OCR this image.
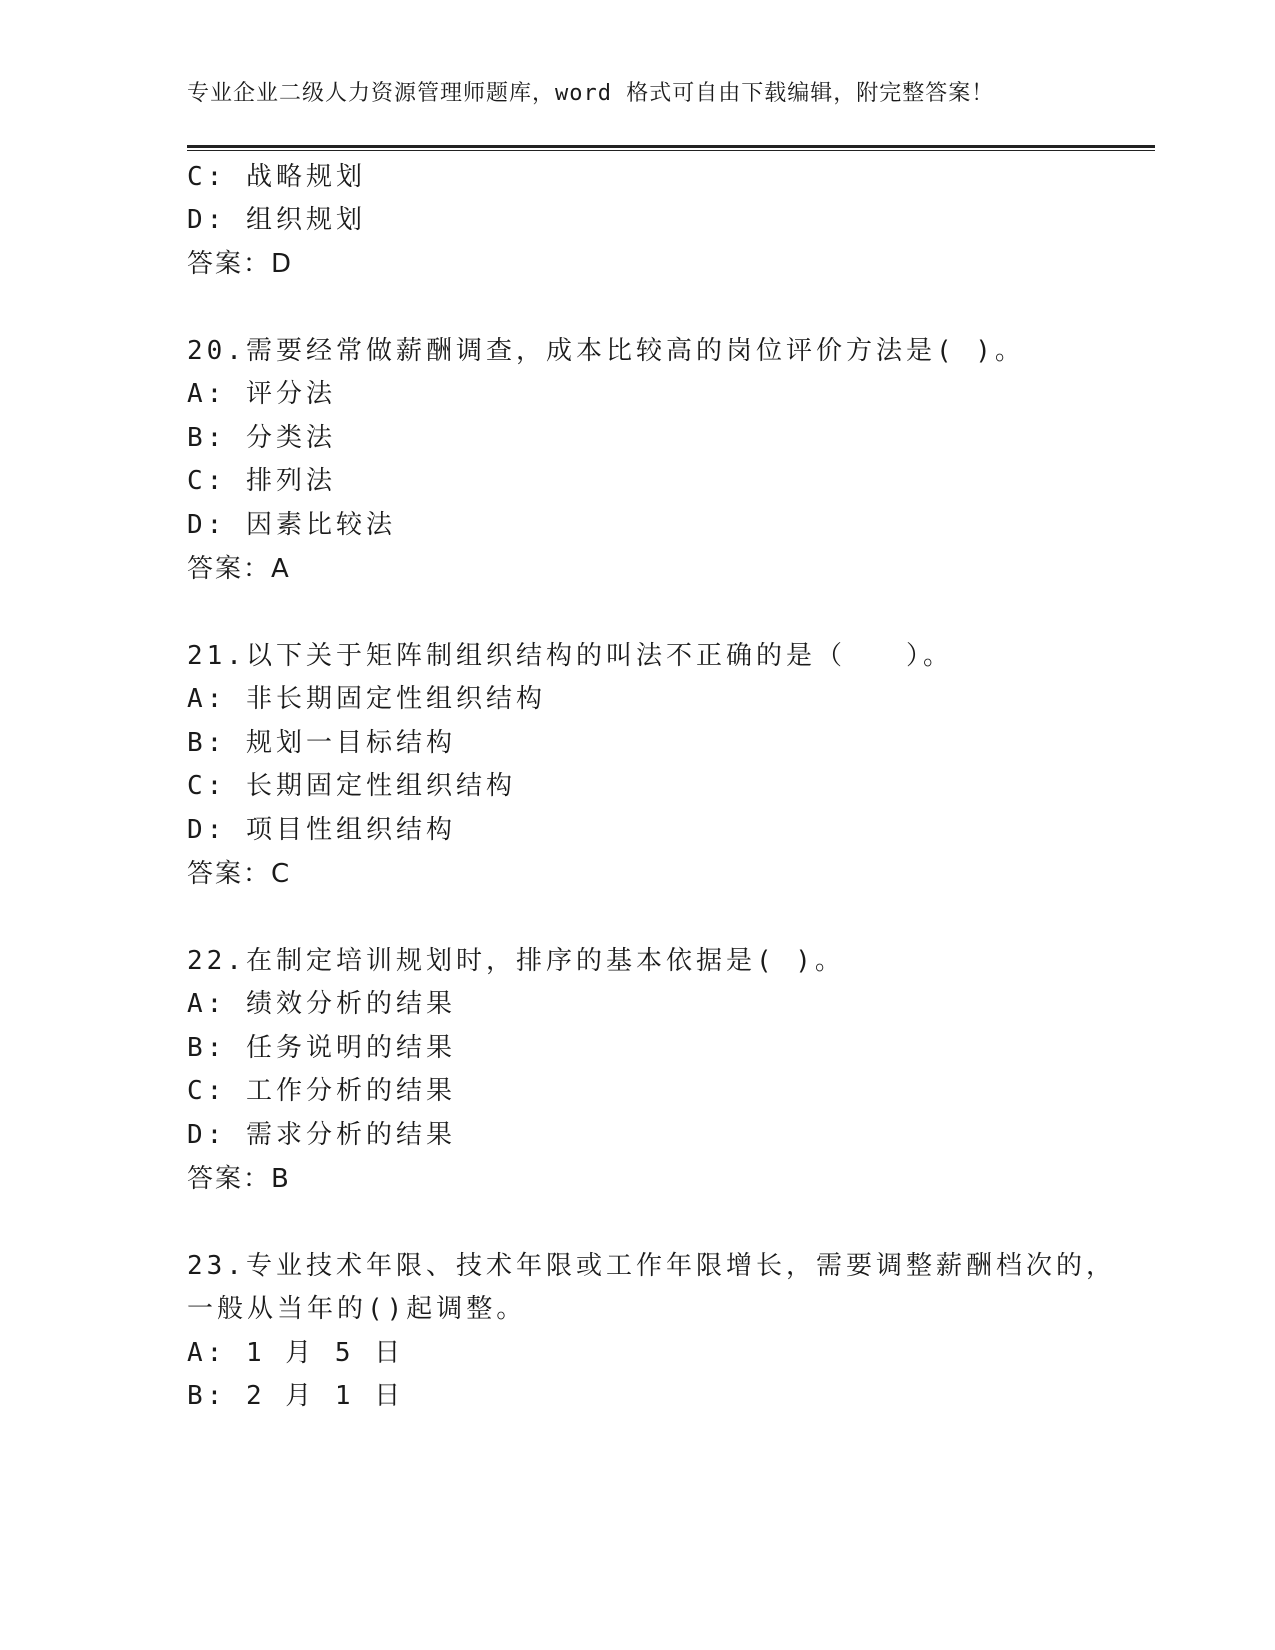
专业企业二级人力资源管理师题库，word 格式可自由下载编辑，附完整答案！
C: 战略规划
D: 组织规划
答案：D
20.需要经常做薪酬调查，成本比较高的岗位评价方法是( )。
A: 评分法
B: 分类法
C: 排列法
D: 因素比较法
答案：A
21.以下关于矩阵制组织结构的叫法不正确的是（　　）。
A: 非长期固定性组织结构
B: 规划一目标结构
C: 长期固定性组织结构
D: 项目性组织结构
答案：C
22.在制定培训规划时，排序的基本依据是( )。
A: 绩效分析的结果
B: 任务说明的结果
C: 工作分析的结果
D: 需求分析的结果
答案：B
23.专业技术年限、技术年限或工作年限增长，需要调整薪酬档次的，
一般从当年的()起调整。
A: 1 月 5 日
B: 2 月 1 日
